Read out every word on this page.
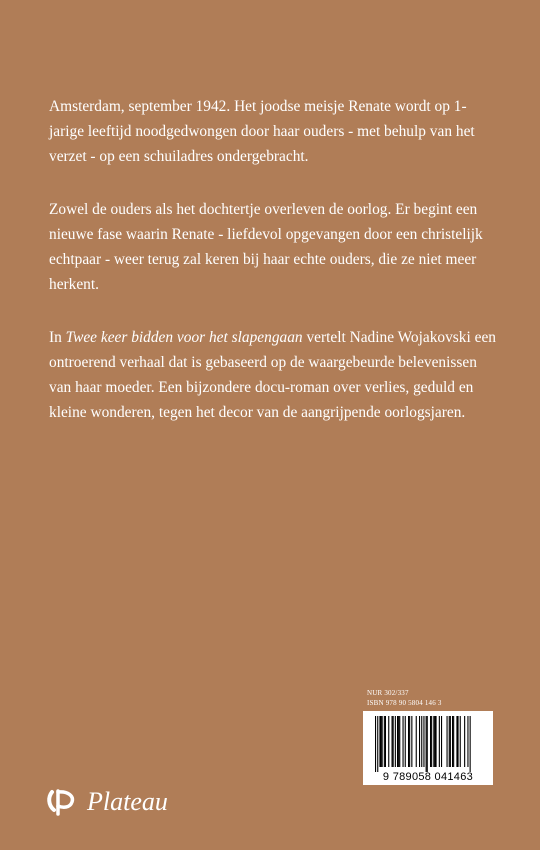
Amsterdam, september 1942. Het joodse meisje Renate wordt op 1-jarige leeftijd noodgedwongen door haar ouders - met behulp van het verzet - op een schuiladres ondergebracht.

Zowel de ouders als het dochtertje overleven de oorlog. Er begint een nieuwe fase waarin Renate - liefdevol opgevangen door een christelijk echtpaar - weer terug zal keren bij haar echte ouders, die ze niet meer herkent.

In Twee keer bidden voor het slapengaan vertelt Nadine Wojakovski een ontroerend verhaal dat is gebaseerd op de waargebeurde belevenissen van haar moeder. Een bijzondere docu-roman over verlies, geduld en kleine wonderen, tegen het decor van de aangrijpende oorlogsjaren.

NUR 302/337
ISBN 978 90 5804 146 3
9 789058 041463
Plateau
